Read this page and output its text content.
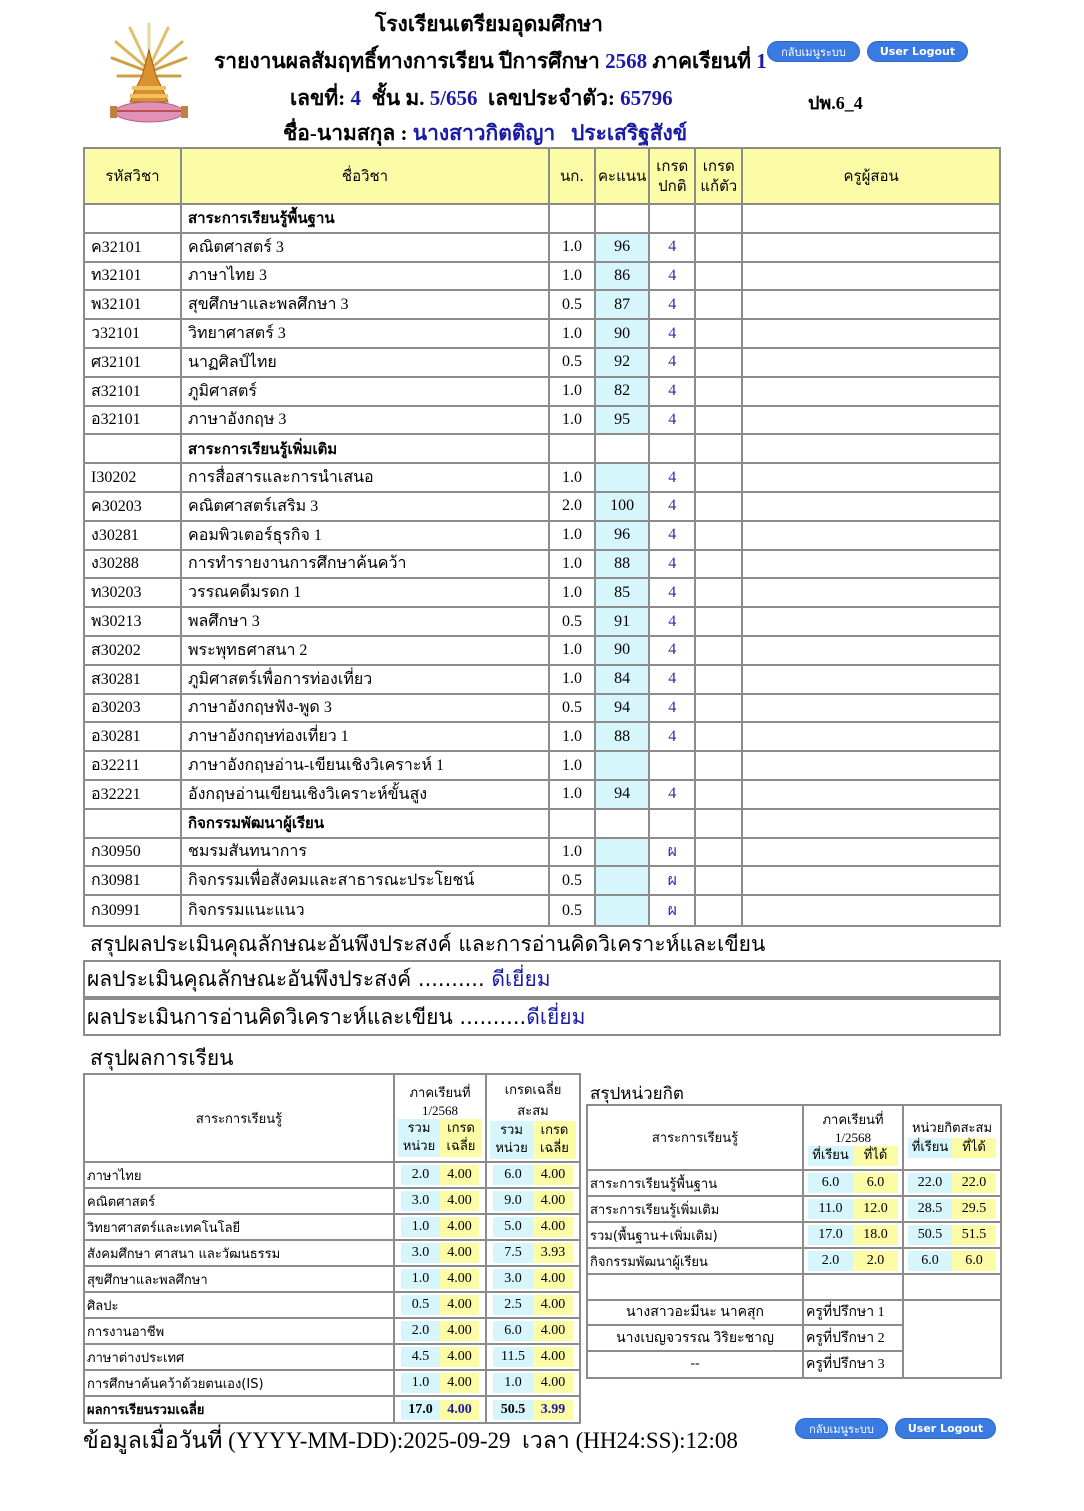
โรงเรียนเตรียมอุดมศึกษา
รายงานผลสัมฤทธิ์ทางการเรียน ปีการศึกษา 2568 ภาคเรียนที่ 1
เลขที่: 4 ชั้น ม. 5/656 เลขประจำตัว: 65796
ชื่อ-นามสกุล : นางสาวกิตติญา   ประเสริฐสังข์
ปพ.6_4
กลับเมนูระบบ	User Logout
รหัสวิชา	ชื่อวิชา	นก.	คะแนน	เกรด
ปกติ	เกรด
แก้ตัว	ครูผู้สอน
	สาระการเรียนรู้พื้นฐาน					
ค32101	คณิตศาสตร์ 3	1.0	96	4		
ท32101	ภาษาไทย 3	1.0	86	4		
พ32101	สุขศึกษาและพลศึกษา 3	0.5	87	4		
ว32101	วิทยาศาสตร์ 3	1.0	90	4		
ศ32101	นาฏศิลป์ไทย	0.5	92	4		
ส32101	ภูมิศาสตร์	1.0	82	4		
อ32101	ภาษาอังกฤษ 3	1.0	95	4		
	สาระการเรียนรู้เพิ่มเติม					
I30202	การสื่อสารและการนำเสนอ	1.0		4		
ค30203	คณิตศาสตร์เสริม 3	2.0	100	4		
ง30281	คอมพิวเตอร์ธุรกิจ 1	1.0	96	4		
ง30288	การทำรายงานการศึกษาค้นคว้า	1.0	88	4		
ท30203	วรรณคดีมรดก 1	1.0	85	4		
พ30213	พลศึกษา 3	0.5	91	4		
ส30202	พระพุทธศาสนา 2	1.0	90	4		
ส30281	ภูมิศาสตร์เพื่อการท่องเที่ยว	1.0	84	4		
อ30203	ภาษาอังกฤษฟัง-พูด 3	0.5	94	4		
อ30281	ภาษาอังกฤษท่องเที่ยว 1	1.0	88	4		
อ32211	ภาษาอังกฤษอ่าน-เขียนเชิงวิเคราะห์ 1	1.0				
อ32221	อังกฤษอ่านเขียนเชิงวิเคราะห์ขั้นสูง	1.0	94	4		
	กิจกรรมพัฒนาผู้เรียน					
ก30950	ชมรมสันทนาการ	1.0		ผ		
ก30981	กิจกรรมเพื่อสังคมและสาธารณะประโยชน์	0.5		ผ		
ก30991	กิจกรรมแนะแนว	0.5		ผ		
สรุปผลประเมินคุณลักษณะอันพึงประสงค์ และการอ่านคิดวิเคราะห์และเขียน
ผลประเมินคุณลักษณะอันพึงประสงค์ .......... ดีเยี่ยม
ผลประเมินการอ่านคิดวิเคราะห์และเขียน ..........ดีเยี่ยม
สรุปผลการเรียน
สาระการเรียนรู้	
ภาคเรียนที่
1/2568
รวม หน่วย
เกรด เฉลี่ย

เกรดเฉลี่ย
สะสม
รวม หน่วย
เกรด เฉลี่ย

ภาษาไทย	2.0 4.00	6.0 4.00

คณิตศาสตร์	3.0 4.00	9.0 4.00

วิทยาศาสตร์และเทคโนโลยี	1.0 4.00	5.0 4.00

สังคมศึกษา ศาสนา และวัฒนธรรม	3.0 4.00	7.5 3.93

สุขศึกษาและพลศึกษา	1.0 4.00	3.0 4.00

ศิลปะ	0.5 4.00	2.5 4.00

การงานอาชีพ	2.0 4.00	6.0 4.00

ภาษาต่างประเทศ	4.5 4.00	11.5 4.00

การศึกษาค้นคว้าด้วยตนเอง(IS)	1.0 4.00	1.0 4.00

ผลการเรียนรวมเฉลี่ย	17.0 4.00	50.5 3.99
สรุปหน่วยกิต
สาระการเรียนรู้	
ภาคเรียนที่
1/2568
ที่เรียน	ที่ได้

หน่วยกิตสะสม
ที่เรียน	ที่ได้

สาระการเรียนรู้พื้นฐาน	6.0 6.0	22.0 22.0

สาระการเรียนรู้เพิ่มเติม	11.0 12.0	28.5 29.5

รวม(พื้นฐาน+เพิ่มเติม)	17.0 18.0	50.5 51.5

กิจกรรมพัฒนาผู้เรียน	2.0 2.0	6.0 6.0

นางสาวอะมีนะ นาคสุก	ครูที่ปรึกษา 1	
นางเบญจวรรณ วิริยะชาญ	ครูที่ปรึกษา 2	
--	ครูที่ปรึกษา 3	
ข้อมูลเมื่อวันที่ (YYYY-MM-DD):2025-09-29  เวลา (HH24:SS):12:08	กลับเมนูระบบ	User Logout
